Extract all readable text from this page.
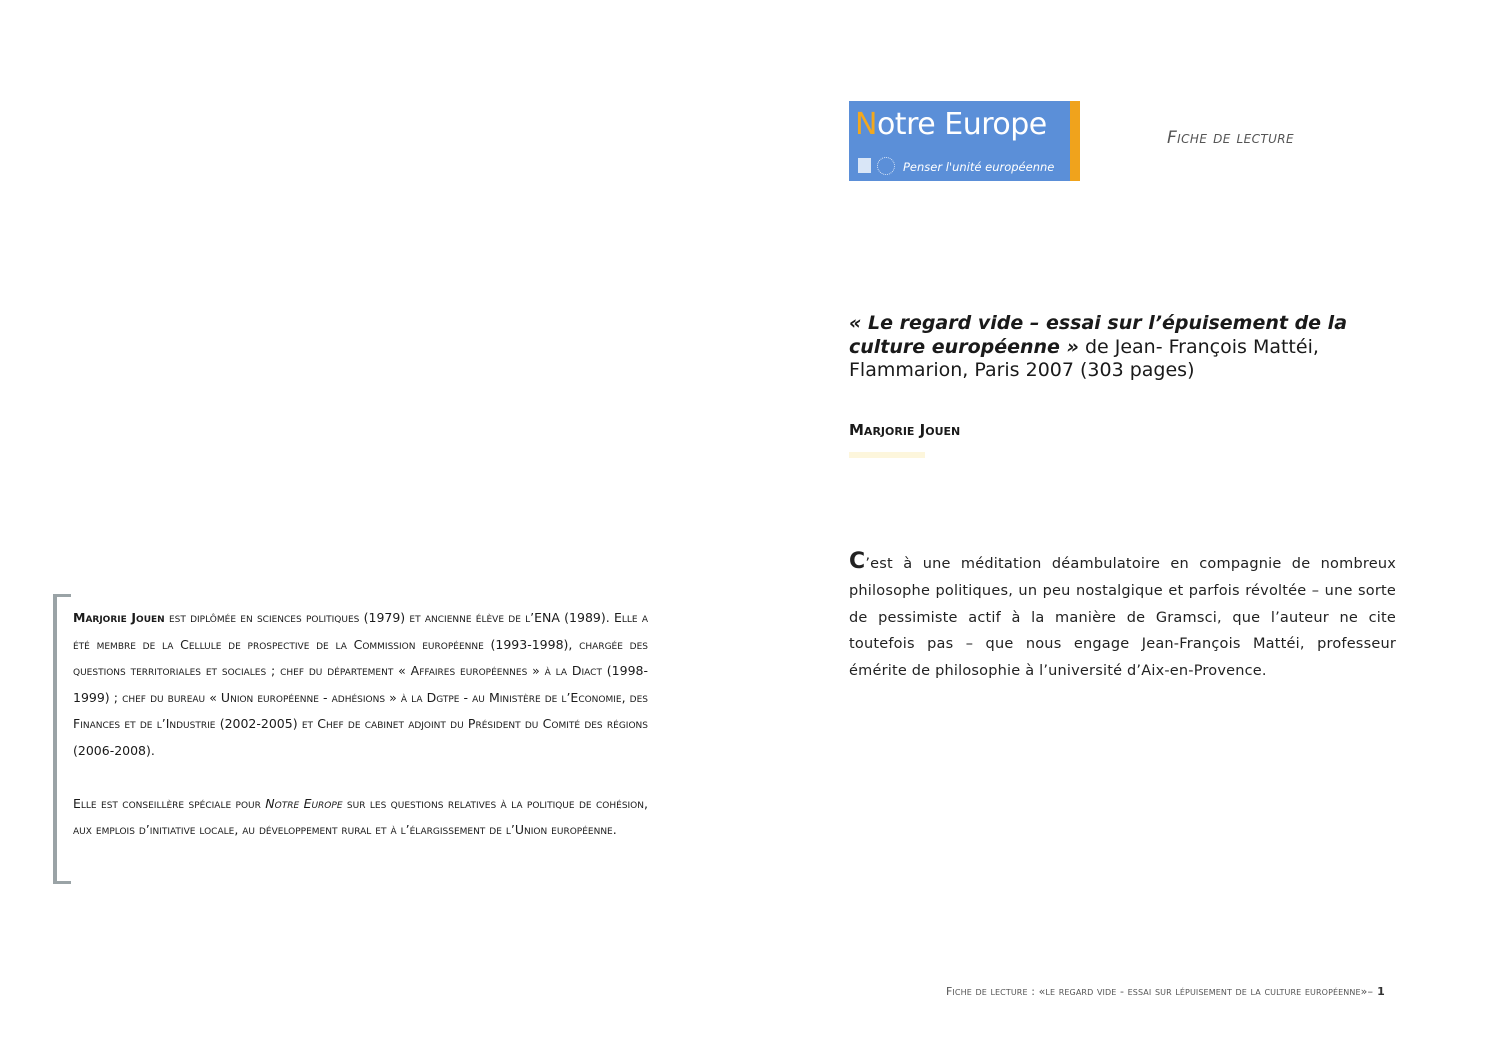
Notre Europe
Penser l'unité européenne
Fiche de lecture
« Le regard vide – essai sur l’épuisement de la culture européenne » de Jean- François Mattéi, Flammarion, Paris 2007 (303 pages)
Marjorie Jouen
C’est à une méditation déambulatoire en compagnie de nombreux philosophe politiques, un peu nostalgique et parfois révoltée – une sorte de pessimiste actif à la manière de Gramsci, que l’auteur ne cite toutefois pas – que nous engage Jean-François Mattéi, professeur émérite de philosophie à l’université d’Aix-en-Provence.

Marjorie Jouen est diplômée en sciences politiques (1979) et ancienne élève de l’ENA (1989). Elle a été membre de la Cellule de prospective de la Commission européenne (1993-1998), chargée des questions territoriales et sociales ; chef du département « Affaires européennes » à la Diact (1998-1999) ; chef du bureau « Union européenne - adhésions » à la Dgtpe - au Ministère de l’Economie, des Finances et de l’Industrie (2002-2005) et Chef de cabinet adjoint du Président du Comité des régions (2006-2008).

Elle est conseillère spéciale pour Notre Europe sur les questions relatives à la politique de cohésion, aux emplois d’initiative locale, au développement rural et à l’élargissement de l’Union européenne.

Fiche de lecture : «le regard vide - essai sur lépuisement de la culture européenne»– 1
